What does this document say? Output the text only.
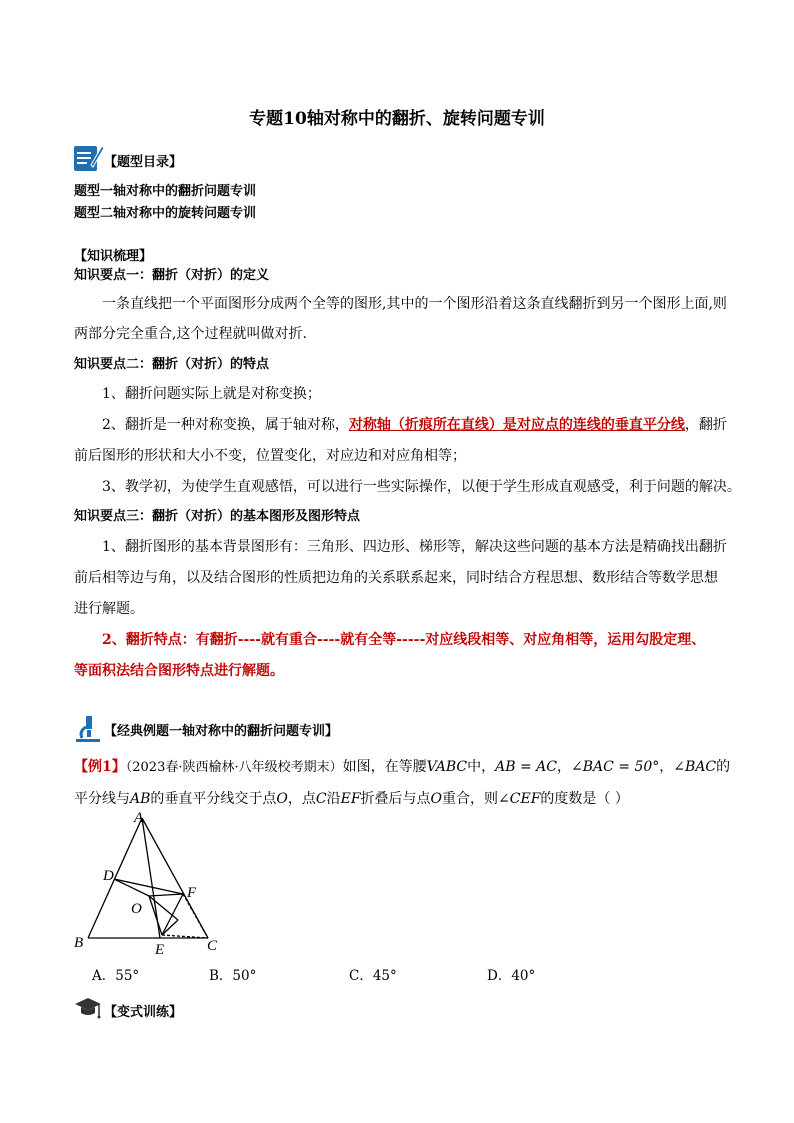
专题10轴对称中的翻折、旋转问题专训
【题型目录】
题型一轴对称中的翻折问题专训
题型二轴对称中的旋转问题专训
【知识梳理】
知识要点一：翻折（对折）的定义
一条直线把一个平面图形分成两个全等的图形,其中的一个图形沿着这条直线翻折到另一个图形上面,则
两部分完全重合,这个过程就叫做对折.
知识要点二：翻折（对折）的特点
1、翻折问题实际上就是对称变换；
2、翻折是一种对称变换，属于轴对称，对称轴（折痕所在直线）是对应点的连线的垂直平分线，翻折
前后图形的形状和大小不变，位置变化，对应边和对应角相等；
3、教学初，为使学生直观感悟，可以进行一些实际操作，以便于学生形成直观感受，利于问题的解决。
知识要点三：翻折（对折）的基本图形及图形特点
1、翻折图形的基本背景图形有：三角形、四边形、梯形等，解决这些问题的基本方法是精确找出翻折
前后相等边与角，以及结合图形的性质把边角的关系联系起来，同时结合方程思想、数形结合等数学思想
进行解题。
2、翻折特点：有翻折----就有重合----就有全等-----对应线段相等、对应角相等，运用勾股定理、
等面积法结合图形特点进行解题。
【经典例题一轴对称中的翻折问题专训】
【例1】（2023春·陕西榆林·八年级校考期末）如图，在等腰VABC中，AB = AC，∠BAC = 50°，∠BAC的
平分线与AB的垂直平分线交于点O，点C沿EF折叠后与点O重合，则∠CEF的度数是（ ）
A
B	C
D
E
F
O
A．55°	B．50°	C．45°	D．40°
【变式训练】
